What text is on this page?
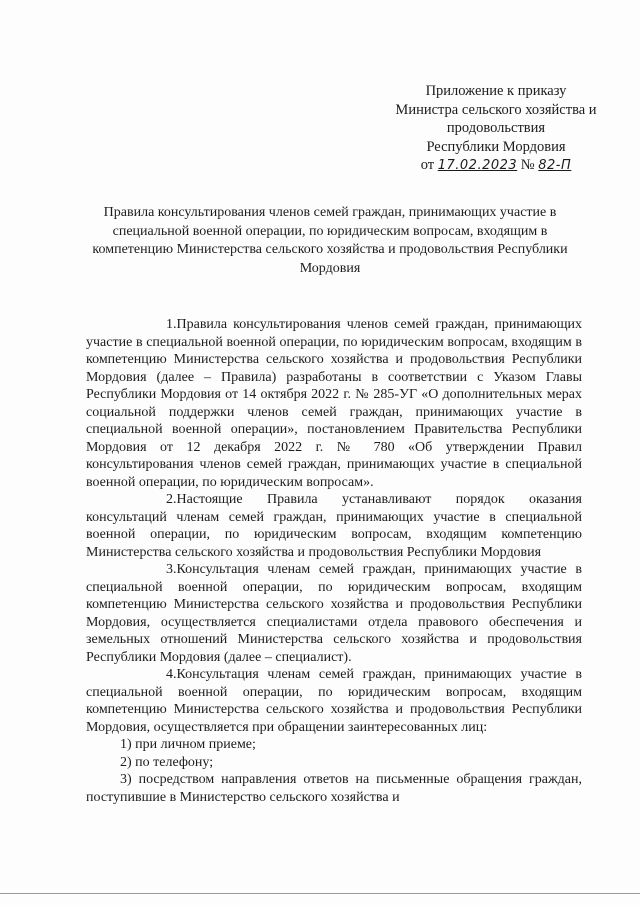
Приложение к приказу
Министра сельского хозяйства и
продовольствия
Республики Мордовия
от 17.02.2023 № 82-П
Правила консультирования членов семей граждан, принимающих участие в специальной военной операции, по юридическим вопросам, входящим в компетенцию Министерства сельского хозяйства и продовольствия Республики Мордовия

1.Правила консультирования членов семей граждан, принимающих участие в специальной военной операции, по юридическим вопросам, входящим в компетенцию Министерства сельского хозяйства и продовольствия Республики Мордовия (далее – Правила) разработаны в соответствии с Указом Главы Республики Мордовия от 14 октября 2022 г. № 285-УГ «О дополнительных мерах социальной поддержки членов семей граждан, принимающих участие в специальной военной операции», постановлением Правительства Республики Мордовия от 12 декабря 2022 г. № 780 «Об утверждении Правил консультирования членов семей граждан, принимающих участие в специальной военной операции, по юридическим вопросам».

2.Настоящие Правила устанавливают порядок оказания консультаций членам семей граждан, принимающих участие в специальной военной операции, по юридическим вопросам, входящим компетенцию Министерства сельского хозяйства и продовольствия Республики Мордовия

3.Консультация членам семей граждан, принимающих участие в специальной военной операции, по юридическим вопросам, входящим компетенцию Министерства сельского хозяйства и продовольствия Республики Мордовия, осуществляется специалистами отдела правового обеспечения и земельных отношений Министерства сельского хозяйства и продовольствия Республики Мордовия (далее – специалист).

4.Консультация членам семей граждан, принимающих участие в специальной военной операции, по юридическим вопросам, входящим компетенцию Министерства сельского хозяйства и продовольствия Республики Мордовия, осуществляется при обращении заинтересованных лиц:

1) при личном приеме;

2) по телефону;

3) посредством направления ответов на письменные обращения граждан, поступившие в Министерство сельского хозяйства и
